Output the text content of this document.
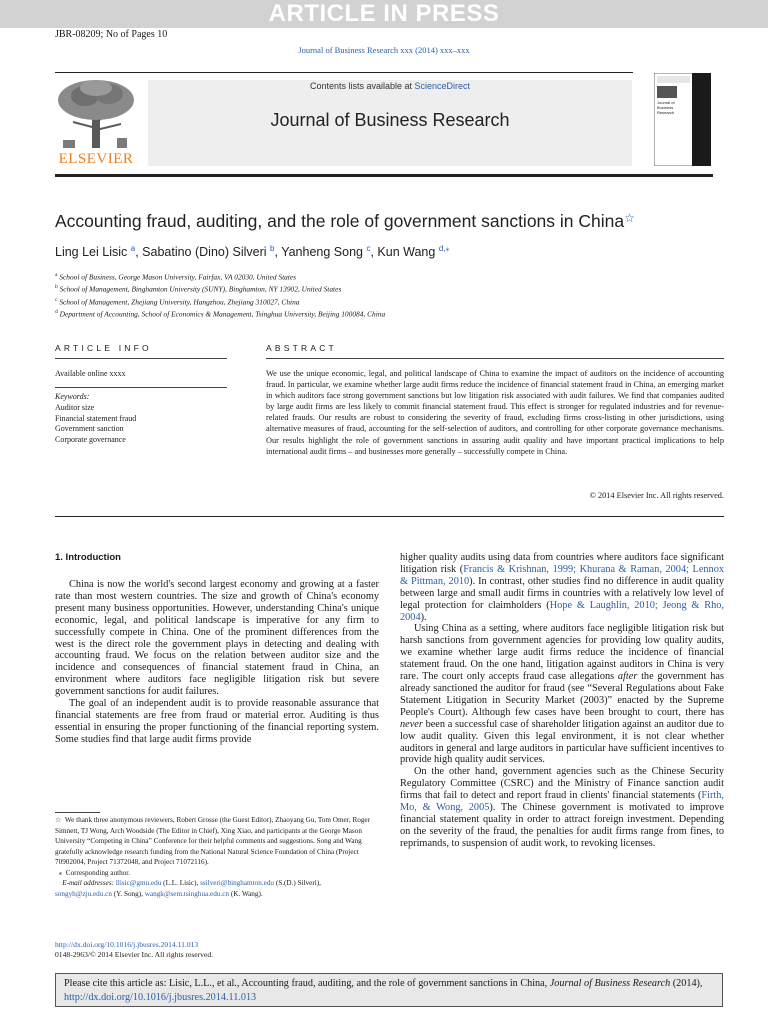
ARTICLE IN PRESS
JBR-08209; No of Pages 10
Journal of Business Research xxx (2014) xxx–xxx
ELSEVIER
Contents lists available at ScienceDirect
Journal of Business Research
Journal of Business Research
Accounting fraud, auditing, and the role of government sanctions in China☆
Ling Lei Lisic $^a$, Sabatino (Dino) Silveri $^b$, Yanheng Song $^c$, Kun Wang $^{d,⁎}$
$^a$ School of Business, George Mason University, Fairfax, VA 02030, United States
$^b$ School of Management, Binghamton University (SUNY), Binghamton, NY 13902, United States
$^c$ School of Management, Zhejiang University, Hangzhou, Zhejiang 310027, China
$^d$ Department of Accounting, School of Economics & Management, Tsinghua University, Beijing 100084, China
ARTICLE INFO
Available online xxxx
Keywords:
Auditor size
Financial statement fraud
Government sanction
Corporate governance
ABSTRACT
We use the unique economic, legal, and political landscape of China to examine the impact of auditors on the incidence of accounting fraud. In particular, we examine whether large audit firms reduce the incidence of financial statement fraud in China, an emerging market in which auditors face strong government sanctions but low litigation risk associated with audit failures. We find that companies audited by large audit firms are less likely to commit financial statement fraud. This effect is stronger for regulated industries and for revenue-related frauds. Our results are robust to considering the severity of fraud, excluding firms cross-listing in other jurisdictions, using alternative measures of fraud, accounting for the self-selection of auditors, and controlling for other corporate governance mechanisms. Our results highlight the role of government sanctions in assuring audit quality and have important practical implications to help international audit firms – and businesses more generally – successfully compete in China.
© 2014 Elsevier Inc. All rights reserved.
1. Introduction

China is now the world's second largest economy and growing at a faster rate than most western countries. The size and growth of China's economy present many business opportunities. However, understanding China's unique economic, legal, and political landscape is imperative for any firm to successfully compete in China. One of the prominent differences from the west is the direct role the government plays in detecting and dealing with accounting fraud. We focus on the relation between auditor size and the incidence and consequences of financial statement fraud in China, an environment where auditors face negligible litigation risk but severe government sanctions for audit failures.

The goal of an independent audit is to provide reasonable assurance that financial statements are free from fraud or material error. Auditing is thus essential in ensuring the proper functioning of the financial reporting system. Some studies find that large audit firms provide

higher quality audits using data from countries where auditors face significant litigation risk (Francis & Krishnan, 1999; Khurana & Raman, 2004; Lennox & Pittman, 2010). In contrast, other studies find no difference in audit quality between large and small audit firms in countries with a relatively low level of legal protection for claimholders (Hope & Laughlin, 2010; Jeong & Rho, 2004).

Using China as a setting, where auditors face negligible litigation risk but harsh sanctions from government agencies for providing low quality audits, we examine whether large audit firms reduce the incidence of financial statement fraud. On the one hand, litigation against auditors in China is very rare. The court only accepts fraud case allegations after the government has already sanctioned the auditor for fraud (see “Several Regulations about Fake Statement Litigation in Security Market (2003)” enacted by the Supreme People's Court). Although few cases have been brought to court, there has never been a successful case of shareholder litigation against an auditor due to low audit quality. Given this legal environment, it is not clear whether auditors in general and large auditors in particular have sufficient incentives to provide high quality audit services.

On the other hand, government agencies such as the Chinese Security Regulatory Committee (CSRC) and the Ministry of Finance sanction audit firms that fail to detect and report fraud in clients' financial statements (Firth, Mo, & Wong, 2005). The Chinese government is motivated to improve financial statement quality in order to attract foreign investment. Depending on the severity of the fraud, the penalties for audit firms range from fines, to reprimands, to suspension of audit work, to revoking licenses.

☆ We thank three anonymous reviewers, Robert Grosse (the Guest Editor), Zhaoyang Gu, Tom Omer, Roger Simnett, TJ Wong, Arch Woodside (The Editor in Chief), Xing Xiao, and participants at the George Mason University “Competing in China” Conference for their helpful comments and suggestions. Song and Wang gratefully acknowledge research funding from the National Natural Science Foundation of China (Project 70902004, Project 71372048, and Project 71072116).

⁎ Corresponding author.

E-mail addresses: llisic@gmu.edu (L.L. Lisic), ssilveri@binghamton.edu (S.(D.) Silveri),
songyh@zju.edu.cn (Y. Song), wangk@sem.tsinghua.edu.cn (K. Wang).

http://dx.doi.org/10.1016/j.jbusres.2014.11.013
0148-2963/© 2014 Elsevier Inc. All rights reserved.
Please cite this article as: Lisic, L.L., et al., Accounting fraud, auditing, and the role of government sanctions in China, Journal of Business Research (2014), http://dx.doi.org/10.1016/j.jbusres.2014.11.013
